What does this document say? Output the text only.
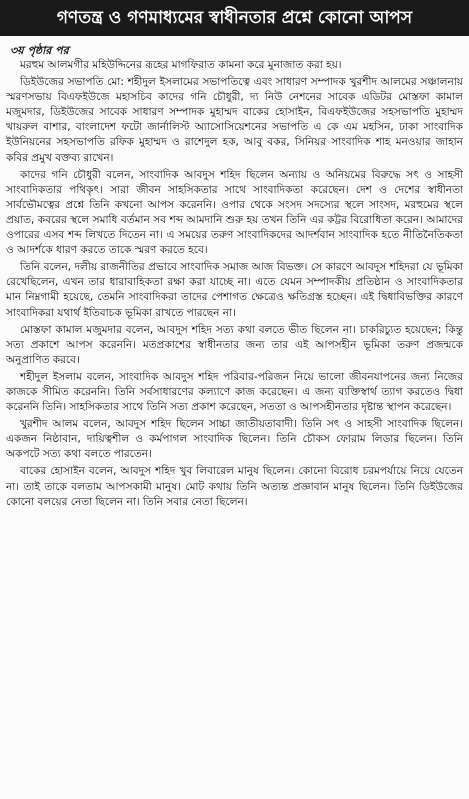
গণতন্ত্র ও গণমাধ্যমের স্বাধীনতার প্রশ্নে কোনো আপস
৩য় পৃষ্ঠার পর

মরহুম আলমগীর মহিউদ্দিনের রূহের মাগফিরাত কামনা করে মুনাজাত করা হয়।

ডিইউজের সভাপতি মো: শহীদুল ইসলামের সভাপতিত্বে এবং সাধারণ সম্পাদক খুরশীদ আলমের সঞ্চালনায় স্মরণসভায় বিএফইউজে মহাসচিব কাদের গনি চৌধুরী, দ্য নিউ নেশনের সাবেক এডিটর মোস্তফা কামাল মজুমদার, ডিইউজের সাবেক সাধারণ সম্পাদক মুহাম্মদ বাকের হোসাইন, বিএফইউজের সহসভাপতি মুহাম্মদ খায়রুল বাশার, বাংলাদেশ ফটো জার্নালিস্ট অ্যাসোসিয়েশনের সভাপতি এ কে এম মহসিন, ঢাকা সাংবাদিক ইউনিয়নের সহসভাপতি রফিক মুহাম্মদ ও রাশেদুল হক, আবু বকর, সিনিয়র সাংবাদিক শাহ মনওয়ার জাহান কবির প্রমুখ বক্তব্য রাখেন।

কাদের গনি চৌধুরী বলেন, সাংবাদিক আবদুস শহিদ ছিলেন অন্যায় ও অনিয়মের বিরুদ্ধে সৎ ও সাহসী সাংবাদিকতার পথিকৃৎ। সারা জীবন সাহসিকতার সাথে সাংবাদিকতা করেছেন। দেশ ও দেশের স্বাধীনতা সার্বভৌমত্বের প্রশ্নে তিনি কখনো আপস করেননি। ওপার থেকে সংসদ সদস্যের স্থলে সাংসদ, মরহুমের স্থলে প্রয়াত, কবরের স্থলে সমাধি বর্তমান সব শব্দ আমদানি শুরু হয় তখন তিনি এর কট্টর বিরোধিতা করেন। আমাদের ওপারের এসব শব্দ লিখতে দিতেন না। এ সময়ের তরুণ সাংবাদিকদের আদর্শবান সাংবাদিক হতে নীতিনৈতিকতা ও আদর্শকে ধারণ করতে তাকে স্মরণ করতে হবে।

তিনি বলেন, দলীয় রাজনীতির প্রভাবে সাংবাদিক সমাজ আজ বিভক্ত। সে কারণে আবদুস শহিদরা যে ভূমিকা রেখেছিলেন, এখন তার ধারাবাহিকতা রক্ষা করা যাচ্ছে না। এতে যেমন সম্পাদকীয় প্রতিষ্ঠান ও সাংবাদিকতার মান নিম্নগামী হয়েছে, তেমনি সাংবাদিকরা তাদের পেশাগত ক্ষেত্রেও ক্ষতিগ্রস্ত হচ্ছেন। এই দ্বিধাবিভক্তির কারণে সাংবাদিকরা যথার্থ ইতিবাচক ভূমিকা রাখতে পারছেন না।

মোস্তফা কামাল মজুমদার বলেন, আবদুস শহিদ সত্য কথা বলতে ভীত ছিলেন না। চাকরিচ্যুত হয়েছেন; কিন্তু সত্য প্রকাশে আপস করেননি। মতপ্রকাশের স্বাধীনতার জন্য তার এই আপসহীন ভূমিকা তরুণ প্রজন্মকে অনুপ্রাণিত করবে।

শহীদুল ইসলাম বলেন, সাংবাদিক আবদুস শহিদ পরিবার-পরিজন নিয়ে ভালো জীবনযাপনের জন্য নিজের কাজকে সীমিত করেননি। তিনি সর্বসাধারণের কল্যাণে কাজ করেছেন। এ জন্য ব্যক্তিস্বার্থ ত্যাগ করতেও দ্বিধা করেননি তিনি। সাহসিকতার সাথে তিনি সত্য প্রকাশ করেছেন, সততা ও আপসহীনতার দৃষ্টান্ত স্থাপন করেছেন।

খুরশীদ আলম বলেন, আবদুস শহিদ ছিলেন সাচ্চা জাতীয়তাবাদী। তিনি সৎ ও সাহসী সাংবাদিক ছিলেন। একজন নিষ্ঠাবান, দায়িত্বশীল ও কর্মপাগল সাংবাদিক ছিলেন। তিনি চৌকস ফোরাম লিডার ছিলেন। তিনি অকপটে সত্য কথা বলতে পারতেন।

বাকের হোসাইন বলেন, আবদুস শহিদ খুব লিবারেল মানুষ ছিলেন। কোনো বিরোধ চরমপর্যায়ে নিয়ে যেতেন না। তাই তাকে বলতাম আপসকামী মানুষ। মোট কথায় তিনি অত্যন্ত প্রজ্ঞাবান মানুষ ছিলেন। তিনি ডিইউজের কোনো বলয়ের নেতা ছিলেন না। তিনি সবার নেতা ছিলেন।
